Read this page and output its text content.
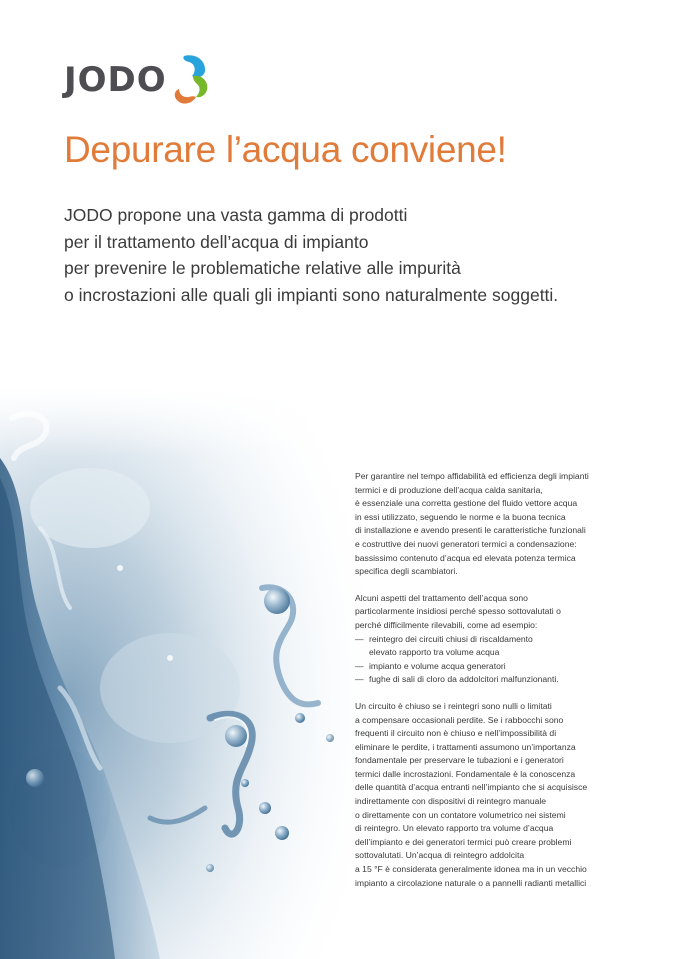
JODO
Depurare l’acqua conviene!
JODO propone una vasta gamma di prodotti
per il trattamento dell’acqua di impianto
per prevenire le problematiche relative alle impurità
o incrostazioni alle quali gli impianti sono naturalmente soggetti.
Per garantire nel tempo affidabilità ed efficienza degli impianti
termici e di produzione dell’acqua calda sanitaria,
è essenziale una corretta gestione del fluido vettore acqua
in essi utilizzato, seguendo le norme e la buona tecnica
di installazione e avendo presenti le caratteristiche funzionali
e costruttive dei nuovi generatori termici a condensazione:
bassissimo contenuto d’acqua ed elevata potenza termica
specifica degli scambiatori.
Alcuni aspetti del trattamento dell’acqua sono
particolarmente insidiosi perché spesso sottovalutati o
perché difficilmente rilevabili, come ad esempio:
— reintegro dei circuiti chiusi di riscaldamento
elevato rapporto tra volume acqua
— impianto e volume acqua generatori
— fughe di sali di cloro da addolcitori malfunzionanti.
Un circuito è chiuso se i reintegri sono nulli o limitati
a compensare occasionali perdite. Se i rabbocchi sono
frequenti il circuito non è chiuso e nell’impossibilità di
eliminare le perdite, i trattamenti assumono un’importanza
fondamentale per preservare le tubazioni e i generatori
termici dalle incrostazioni. Fondamentale è la conoscenza
delle quantità d’acqua entranti nell’impianto che si acquisisce
indirettamente con dispositivi di reintegro manuale
o direttamente con un contatore volumetrico nei sistemi
di reintegro. Un elevato rapporto tra volume d’acqua
dell’impianto e dei generatori termici può creare problemi
sottovalutati. Un’acqua di reintegro addolcita
a 15 °F è considerata generalmente idonea ma in un vecchio
impianto a circolazione naturale o a pannelli radianti metallici
